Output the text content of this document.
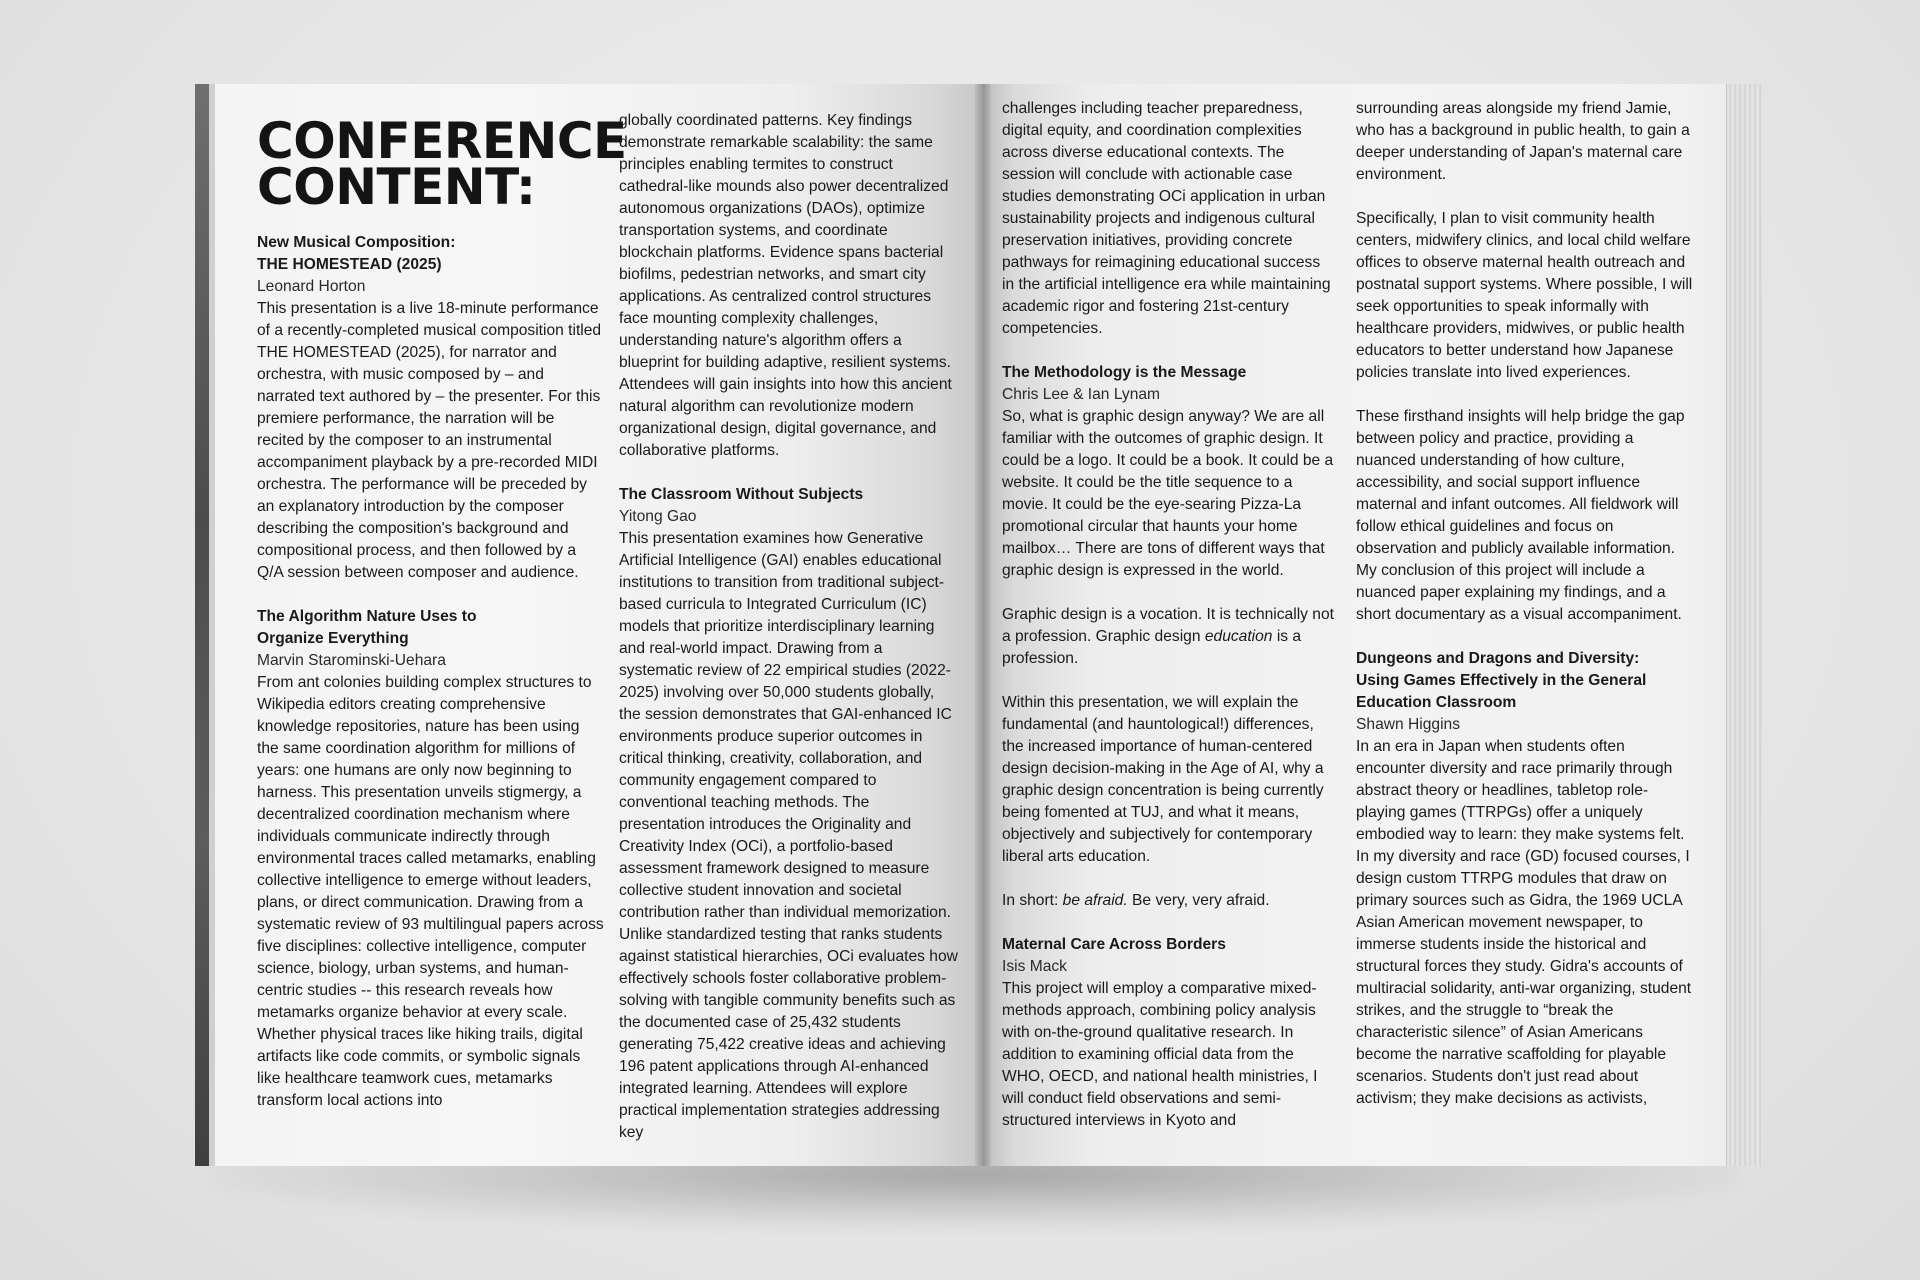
CONFERENCE
CONTENT:

New Musical Composition:

THE HOMESTEAD (2025)

Leonard Horton

This presentation is a live 18-minute performance of a recently-completed musical composition titled THE HOMESTEAD (2025), for narrator and orchestra, with music composed by – and narrated text authored by – the presenter. For this premiere performance, the narration will be recited by the composer to an instrumental accompaniment playback by a pre-recorded MIDI orchestra. The performance will be preceded by an explanatory introduction by the composer describing the composition's background and compositional process, and then followed by a Q/A session between composer and audience.

The Algorithm Nature Uses to

Organize Everything

Marvin Starominski-Uehara

From ant colonies building complex structures to Wikipedia editors creating comprehensive knowledge repositories, nature has been using the same coordination algorithm for millions of years: one humans are only now beginning to harness. This presentation unveils stigmergy, a decentralized coordination mechanism where individuals communicate indirectly through environmental traces called metamarks, enabling collective intelligence to emerge without leaders, plans, or direct communication. Drawing from a systematic review of 93 multilingual papers across five disciplines: collective intelligence, computer science, biology, urban systems, and human-centric studies -- this research reveals how metamarks organize behavior at every scale. Whether physical traces like hiking trails, digital artifacts like code commits, or symbolic signals like healthcare teamwork cues, metamarks transform local actions into

globally coordinated patterns. Key findings demonstrate remarkable scalability: the same principles enabling termites to construct cathedral-like mounds also power decentralized autonomous organizations (DAOs), optimize transportation systems, and coordinate blockchain platforms. Evidence spans bacterial biofilms, pedestrian networks, and smart city applications. As centralized control structures face mounting complexity challenges, understanding nature's algorithm offers a blueprint for building adaptive, resilient systems. Attendees will gain insights into how this ancient natural algorithm can revolutionize modern organizational design, digital governance, and collaborative platforms.

The Classroom Without Subjects

Yitong Gao

This presentation examines how Generative Artificial Intelligence (GAI) enables educational institutions to transition from traditional subject-based curricula to Integrated Curriculum (IC) models that prioritize interdisciplinary learning and real-world impact. Drawing from a systematic review of 22 empirical studies (2022-2025) involving over 50,000 students globally, the session demonstrates that GAI-enhanced IC environments produce superior outcomes in critical thinking, creativity, collaboration, and community engagement compared to conventional teaching methods. The presentation introduces the Originality and Creativity Index (OCi), a portfolio-based assessment framework designed to measure collective student innovation and societal contribution rather than individual memorization. Unlike standardized testing that ranks students against statistical hierarchies, OCi evaluates how effectively schools foster collaborative problem-solving with tangible community benefits such as the documented case of 25,432 students generating 75,422 creative ideas and achieving 196 patent applications through AI-enhanced integrated learning. Attendees will explore practical implementation strategies addressing key

challenges including teacher preparedness, digital equity, and coordination complexities across diverse educational contexts. The session will conclude with actionable case studies demonstrating OCi application in urban sustainability projects and indigenous cultural preservation initiatives, providing concrete pathways for reimagining educational success in the artificial intelligence era while maintaining academic rigor and fostering 21st-century competencies.

The Methodology is the Message

Chris Lee & Ian Lynam

So, what is graphic design anyway? We are all familiar with the outcomes of graphic design. It could be a logo. It could be a book. It could be a website. It could be the title sequence to a movie. It could be the eye-searing Pizza-La promotional circular that haunts your home mailbox… There are tons of different ways that graphic design is expressed in the world.

Graphic design is a vocation. It is technically not a profession. Graphic design education is a profession.

Within this presentation, we will explain the fundamental (and hauntological!) differences, the increased importance of human-centered design decision-making in the Age of AI, why a graphic design concentration is being currently being fomented at TUJ, and what it means, objectively and subjectively for contemporary liberal arts education.

In short: be afraid. Be very, very afraid.

Maternal Care Across Borders

Isis Mack

This project will employ a comparative mixed-methods approach, combining policy analysis with on-the-ground qualitative research. In addition to examining official data from the WHO, OECD, and national health ministries, I will conduct field observations and semi-structured interviews in Kyoto and

surrounding areas alongside my friend Jamie, who has a background in public health, to gain a deeper understanding of Japan's maternal care environment.

Specifically, I plan to visit community health centers, midwifery clinics, and local child welfare offices to observe maternal health outreach and postnatal support systems. Where possible, I will seek opportunities to speak informally with healthcare providers, midwives, or public health educators to better understand how Japanese policies translate into lived experiences.

These firsthand insights will help bridge the gap between policy and practice, providing a nuanced understanding of how culture, accessibility, and social support influence maternal and infant outcomes. All fieldwork will follow ethical guidelines and focus on observation and publicly available information. My conclusion of this project will include a nuanced paper explaining my findings, and a short documentary as a visual accompaniment.

Dungeons and Dragons and Diversity:

Using Games Effectively in the General

Education Classroom

Shawn Higgins

In an era in Japan when students often encounter diversity and race primarily through abstract theory or headlines, tabletop role-playing games (TTRPGs) offer a uniquely embodied way to learn: they make systems felt. In my diversity and race (GD) focused courses, I design custom TTRPG modules that draw on primary sources such as Gidra, the 1969 UCLA Asian American movement newspaper, to immerse students inside the historical and structural forces they study. Gidra's accounts of multiracial solidarity, anti-war organizing, student strikes, and the struggle to “break the characteristic silence” of Asian Americans become the narrative scaffolding for playable scenarios. Students don't just read about activism; they make decisions as activists,
